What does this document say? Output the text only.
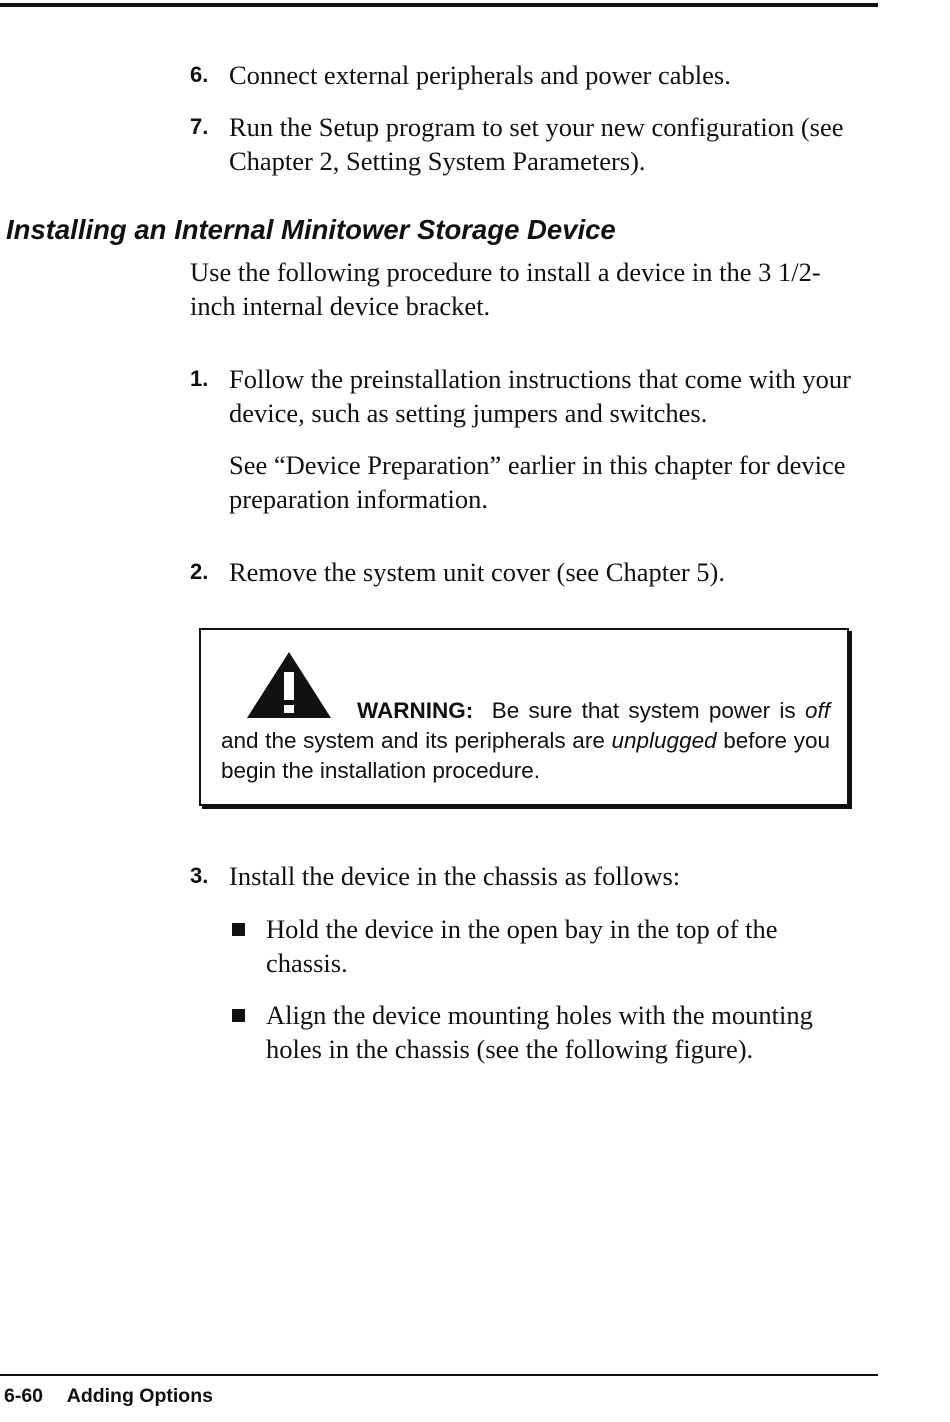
6. Connect external peripherals and power cables.
7. Run the Setup program to set your new configuration (see Chapter 2, Setting System Parameters).
Installing an Internal Minitower Storage Device
Use the following procedure to install a device in the 3 1/2-inch internal device bracket.
1. Follow the preinstallation instructions that come with your device, such as setting jumpers and switches.
See “Device Preparation” earlier in this chapter for device preparation information.
2. Remove the system unit cover (see Chapter 5).
WARNING: Be sure that system power is off and the system and its peripherals are unplugged before you begin the installation procedure.
3. Install the device in the chassis as follows:
Hold the device in the open bay in the top of the chassis.
Align the device mounting holes with the mounting holes in the chassis (see the following figure).
6-60 Adding Options
